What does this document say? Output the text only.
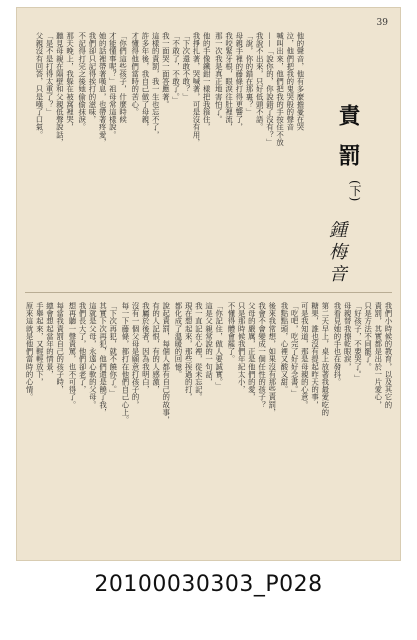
39
責罰
(下)
鍾梅音
他的聲音，他有多麼擔憂在哭
泣，他們把我的鬼哭般的聲音
喊叫出來，他們把我的手按住不放
——「說你的，你說錯了沒有？」
我說不出來，只好低頭不語。
「說，你的錯在那裏？」
母親手裡的藤條打得更響了，
我咬緊牙根，眼淚往肚裡流，
那一次我是真正地害怕了。
他的手像鐵鉗一樣把我箍住，
我掙扎著，哭喊著，可是沒有用，
「下次還敢不敢？」
「不敢了，不敢了。」
我一面哭一面答應著。
這樣的責罰，我一生也忘不了，
許多年後，我自己做了母親，
才懂得他們當時的苦心。
「你們這些孩子，什麼時候
才能懂事呢？」祖母常這樣說。
她的話裡帶著嘆息，也帶著疼愛，
我們卻只記得挨打的滋味，
不記得打完之後她偷偷抹淚。
那天晚上，我躲在被窩裡哭，
聽見母親在隔壁和父親低聲說話，
「是不是打得太重了？」
父親沒有回答，只是嘆了口氣。
我們小時候的教育，以及其它的
責罰，其實都是出於一片愛心，
只是方法不同罷了。
「好孩子，不要哭了。」
母親替我擦乾眼淚，
我看見她的手也在發抖。
第二天早上，桌上放著我最愛吃的
糖果，誰也沒有提起昨天的事，
可是我知道，那是母親的心意。
「吃吧，吃完了好好念書。」
我點點頭，心裡又酸又甜。
後來我常想，如果沒有那些責罰，
我會不會變成一個任性的孩子？
父母的嚴厲，正是他們的愛，
只是那時候我們年紀太小，
不懂得體會罷了。
「你記住，做人要誠實。」
這是父親常說的一句話，
我一直記在心裡，從未忘記。
現在想起來，那些挨過的打，
都化成了溫暖的回憶。
說起責罰，每個人都有自己的故事，
有的人記恨，有的人感激，
我屬於後者，因為我明白，
沒有一個父母是願意打孩子的，
每一下藤條，都打在他們自己心上。
「下次再犯，就不饒你了。」
其實下次再犯，他們還是饒了我，
這就是父母，永遠心軟的父母。
我們長大了，他們卻老了，
想再聽一聲責罵，也不可得了。
每當我責罰自己的孩子時，
總會想起當年的情景，
手舉起來，又輕輕放下，
原來這就是他們當時的心情。
20100030303_P028
